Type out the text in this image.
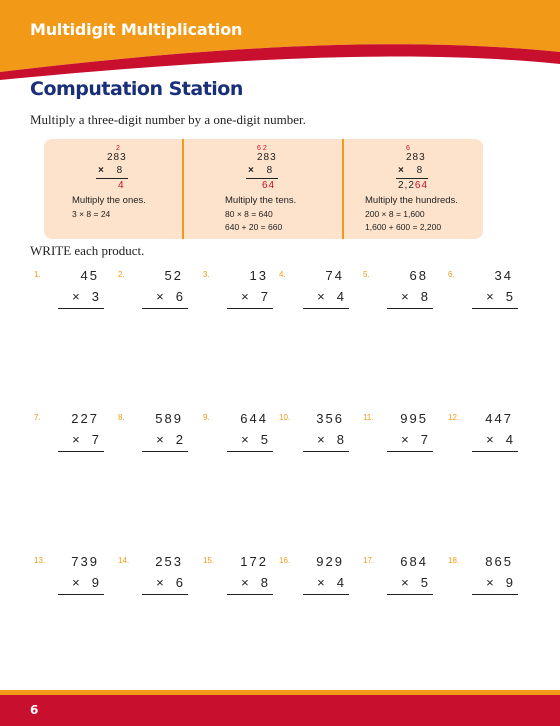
Multidigit Multiplication
Computation Station
Multiply a three-digit number by a one-digit number.
2
283
× 8
4
Multiply the ones.
3 × 8 = 24
6 2
283
× 8
64
Multiply the tens.
80 × 8 = 640
640 + 20 = 660
6
283
× 8
2,264
Multiply the hundreds.
200 × 8 = 1,600
1,600 + 600 = 2,200
WRITE each product.
1.	45
× 3
2.	52
× 6
3.	13
× 7
4.	74
× 4
5.	68
× 8
6.	34
× 5
7. 227
× 7
8. 589
× 2
9. 644
× 5
10. 356
× 8
11. 995
× 7
12. 447
× 4
13. 739
× 9
14. 253
× 6
15. 172
× 8
16. 929
× 4
17. 684
× 5
18. 865
× 9
6
